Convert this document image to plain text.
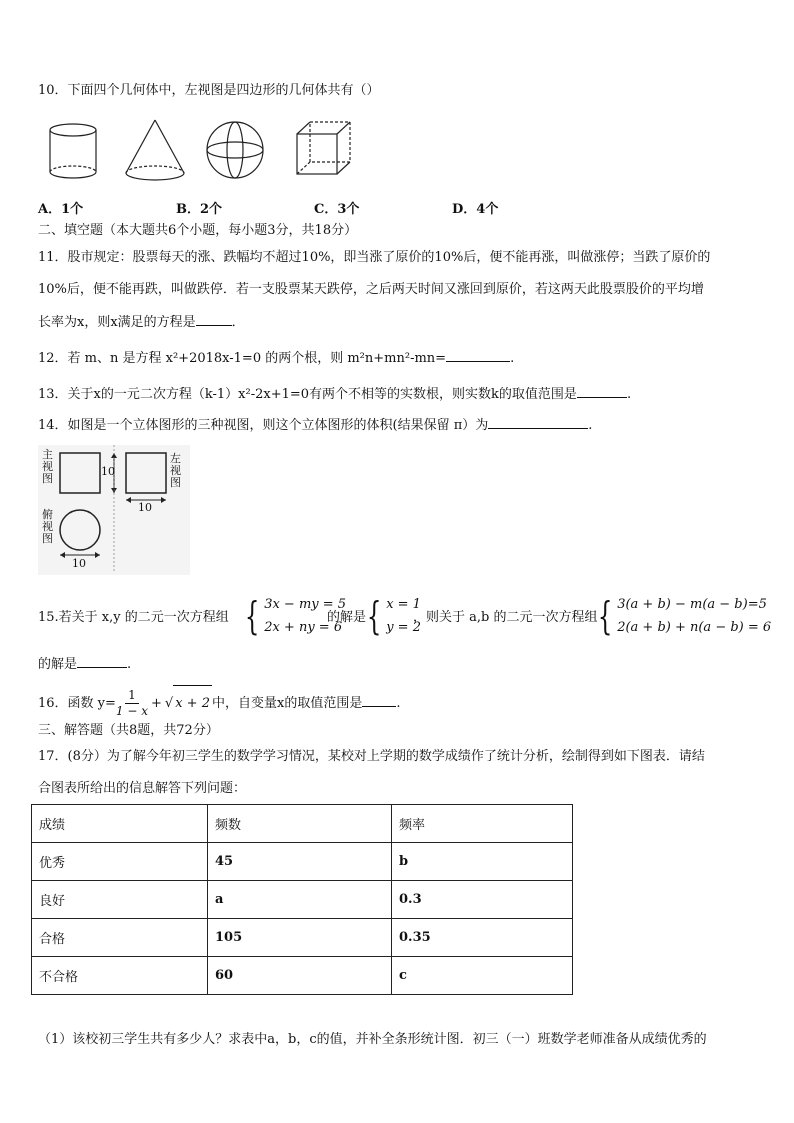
10．下面四个几何体中，左视图是四边形的几何体共有（）
A．1个	B．2个	C．3个	D．4个
二、填空题（本大题共6个小题，每小题3分，共18分）
11．股市规定：股票每天的涨、跌幅均不超过10%，即当涨了原价的10%后，便不能再涨，叫做涨停；当跌了原价的
10%后，便不能再跌，叫做跌停．若一支股票某天跌停，之后两天时间又涨回到原价，若这两天此股票股价的平均增
长率为x，则x满足的方程是	．
12．若 m、n 是方程 x²+2018x-1=0 的两个根，则 m²n+mn²-mn=	.
13．关于x的一元二次方程（k-1）x²-2x+1=0有两个不相等的实数根，则实数k的取值范围是	.
14．如图是一个立体图形的三种视图，则这个立体图形的体积(结果保留 π）为	.
主视图
左视图
俯视图
10
10
10
15.若关于 x,y 的二元一次方程组 { 3x − my = 5
2x + ny = 6
的解是 { x = 1
y = 2
，则关于 a,b 的二元一次方程组 { 3(a + b) − m(a − b)=5
2(a + b) + n(a − b) = 6
的解是	.
16．函数 $y= \frac{1}{1 - x}$ + √ x + 2 中，自变量x的取值范围是	.
三、解答题（共8题，共72分）
17．(8分）为了解今年初三学生的数学学习情况，某校对上学期的数学成绩作了统计分析，绘制得到如下图表．请结
合图表所给出的信息解答下列问题：
成绩	频数	频率
优秀	45	b
良好	a	0.3
合格	105	0.35
不合格	60	c
（1）该校初三学生共有多少人？求表中a，b，c的值，并补全条形统计图．初三（一）班数学老师准备从成绩优秀的
